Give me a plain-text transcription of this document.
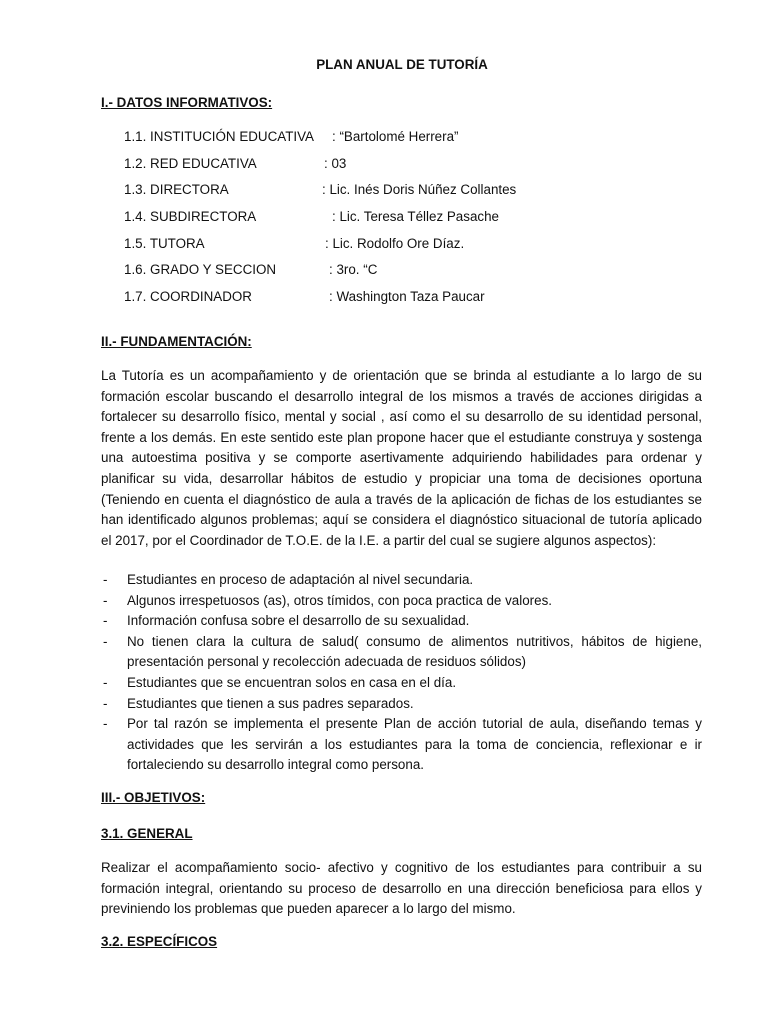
PLAN ANUAL DE TUTORÍA
I.- DATOS INFORMATIVOS:
1.1. INSTITUCIÓN EDUCATIVA : “Bartolomé Herrera”
1.2. RED EDUCATIVA	: 03
1.3. DIRECTORA	: Lic. Inés Doris Núñez Collantes
1.4. SUBDIRECTORA	: Lic. Teresa Téllez Pasache
1.5. TUTORA	: Lic. Rodolfo Ore Díaz.
1.6. GRADO Y SECCION	: 3ro. “C
1.7. COORDINADOR	: Washington Taza Paucar
II.- FUNDAMENTACIÓN:
La Tutoría es un acompañamiento y de orientación que se brinda al estudiante a lo largo de su formación escolar buscando el desarrollo integral de los mismos a través de acciones dirigidas a fortalecer su desarrollo físico, mental y social , así como el su desarrollo de su identidad personal, frente a los demás. En este sentido este plan propone hacer que el estudiante construya y sostenga una autoestima positiva y se comporte asertivamente adquiriendo habilidades para ordenar y planificar su vida, desarrollar hábitos de estudio y propiciar una toma de decisiones oportuna (Teniendo en cuenta el diagnóstico de aula a través de la aplicación de fichas de los estudiantes se han identificado algunos problemas; aquí se considera el diagnóstico situacional de tutoría aplicado el 2017, por el Coordinador de T.O.E. de la I.E. a partir del cual se sugiere algunos aspectos):
- Estudiantes en proceso de adaptación al nivel secundaria.
- Algunos irrespetuosos (as), otros tímidos, con poca practica de valores.
- Información confusa sobre el desarrollo de su sexualidad.
- No tienen clara la cultura de salud( consumo de alimentos nutritivos, hábitos de higiene, presentación personal y recolección adecuada de residuos sólidos)
- Estudiantes que se encuentran solos en casa en el día.
- Estudiantes que tienen a sus padres separados.
- Por tal razón se implementa el presente Plan de acción tutorial de aula, diseñando temas y actividades que les servirán a los estudiantes para la toma de conciencia, reflexionar e ir fortaleciendo su desarrollo integral como persona.
III.- OBJETIVOS:
3.1. GENERAL
Realizar el acompañamiento socio- afectivo y cognitivo de los estudiantes para contribuir a su formación integral, orientando su proceso de desarrollo en una dirección beneficiosa para ellos y previniendo los problemas que pueden aparecer a lo largo del mismo.
3.2. ESPECÍFICOS
